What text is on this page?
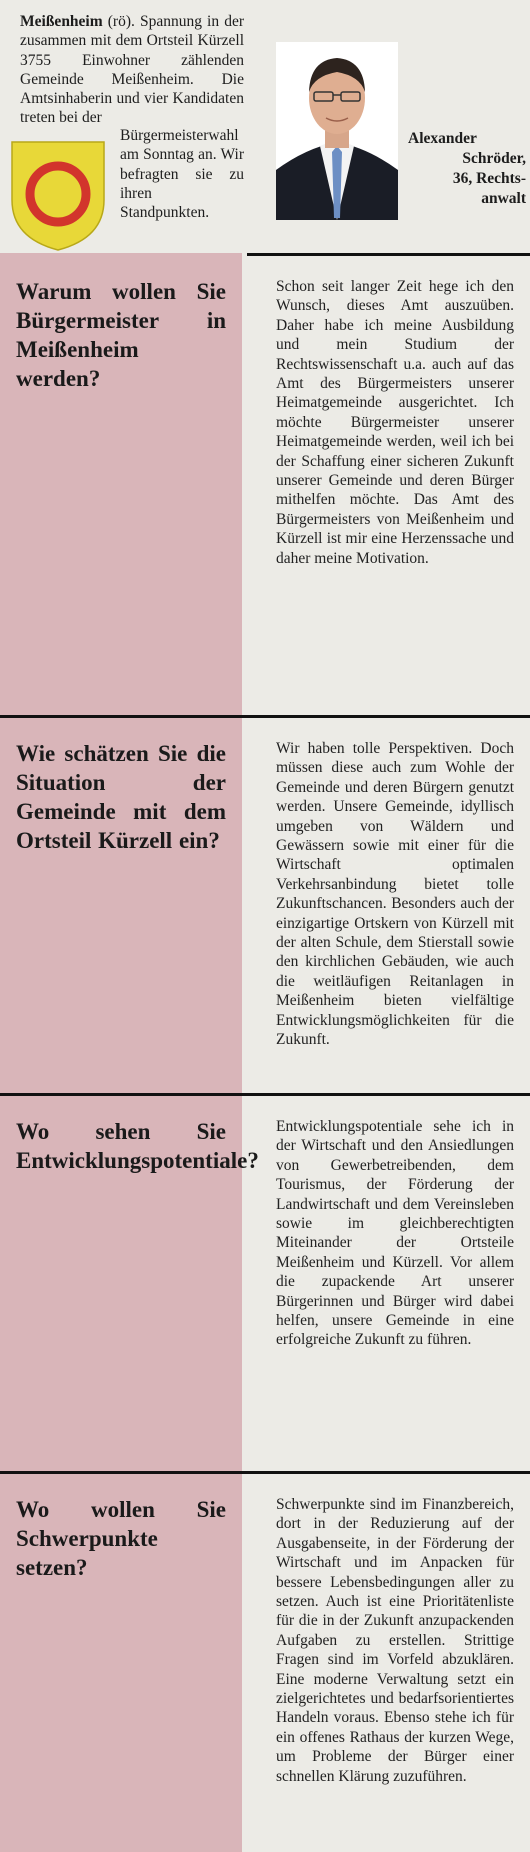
Meißenheim (rö). Spannung in der zusammen mit dem Ortsteil Kürzell 3755 Einwohner zählenden Gemeinde Meißenheim. Die Amtsinhaberin und vier Kandidaten treten bei der
Bürgermeisterwahl am Sonntag an. Wir befragten sie zu ihren Standpunkten.
Alexander
Schröder,
36, Rechts-
anwalt
Warum wollen Sie Bürgermeister in Meißenheim werden?
Schon seit langer Zeit hege ich den Wunsch, dieses Amt auszuüben. Daher habe ich meine Ausbildung und mein Studium der Rechtswissenschaft u.a. auch auf das Amt des Bürgermeisters unserer Heimatgemeinde ausgerichtet. Ich möchte Bürgermeister unserer Heimatgemeinde werden, weil ich bei der Schaffung einer sicheren Zukunft unserer Gemeinde und deren Bürger mithelfen möchte. Das Amt des Bürgermeisters von Meißenheim und Kürzell ist mir eine Herzenssache und daher meine Motivation.
Wie schätzen Sie die Situation der Gemeinde mit dem Ortsteil Kürzell ein?
Wir haben tolle Perspektiven. Doch müssen diese auch zum Wohle der Gemeinde und deren Bürgern genutzt werden. Unsere Gemeinde, idyllisch umgeben von Wäldern und Gewässern sowie mit einer für die Wirtschaft optimalen Verkehrsanbindung bietet tolle Zukunftschancen. Besonders auch der einzigartige Ortskern von Kürzell mit der alten Schule, dem Stierstall sowie den kirchlichen Gebäuden, wie auch die weitläufigen Reitanlagen in Meißenheim bieten vielfältige Entwicklungsmöglichkeiten für die Zukunft.
Wo sehen Sie Entwicklungspotentiale?
Entwicklungspotentiale sehe ich in der Wirtschaft und den Ansiedlungen von Gewerbetreibenden, dem Tourismus, der Förderung der Landwirtschaft und dem Vereinsleben sowie im gleichberechtigten Miteinander der Ortsteile Meißenheim und Kürzell. Vor allem die zupackende Art unserer Bürgerinnen und Bürger wird dabei helfen, unsere Gemeinde in eine erfolgreiche Zukunft zu führen.
Wo wollen Sie Schwerpunkte setzen?
Schwerpunkte sind im Finanzbereich, dort in der Reduzierung auf der Ausgabenseite, in der Förderung der Wirtschaft und im Anpacken für bessere Lebensbedingungen aller zu setzen. Auch ist eine Prioritätenliste für die in der Zukunft anzupackenden Aufgaben zu erstellen. Strittige Fragen sind im Vorfeld abzuklären. Eine moderne Verwaltung setzt ein zielgerichtetes und bedarfsorientiertes Handeln voraus. Ebenso stehe ich für ein offenes Rathaus der kurzen Wege, um Probleme der Bürger einer schnellen Klärung zuzuführen.
